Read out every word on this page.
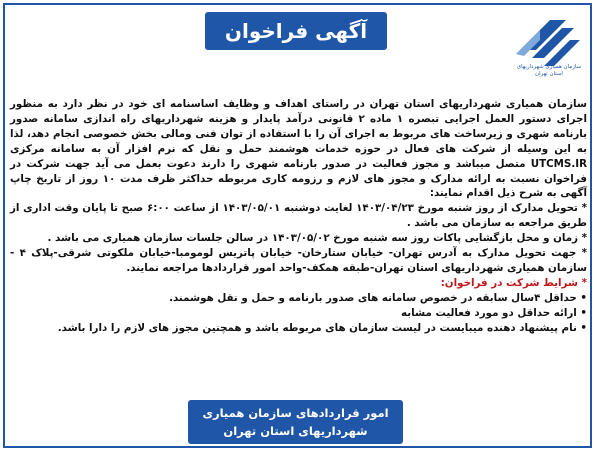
آگهی فراخوان عمومی	سازمان همیاری شهرداریهای استان تهران

سازمان همیاری شهرداریهای استان تهران در راستای اهداف و وظایف اساسنامه ای خود در نظر دارد به منظور اجرای دستور العمل اجرایی تبصره ۱ ماده ۲ قانونی درآمد پایدار و هزینه شهرداریهای راه اندازی سامانه صدور بارنامه شهری و زیرساخت های مربوط به اجرای آن را با استفاده از توان فنی ومالی بخش خصوصی انجام دهد، لذا به این وسیله از شرکت های فعال در حوزه خدمات هوشمند حمل و نقل که نرم افزار آن به سامانه مرکزی UTCMS.IR متصل میباشد و مجوز فعالیت در صدور بارنامه شهری را دارند دعوت بعمل می آید جهت شرکت در فراخوان نسبت به ارائه مدارک و مجوز های لازم و رزومه کاری مربوطه حداکثر ظرف مدت ۱۰ روز از تاریخ چاپ آگهی به شرح ذیل اقدام نمایند:

* تحویل مدارک از روز شنبه مورخ ۱۴۰۳/۰۴/۲۳ لغایت دوشنبه ۱۴۰۳/۰۵/۰۱ از ساعت ۶:۰۰ صبح تا پایان وقت اداری از طریق مراجعه به سازمان می باشد .

* زمان و محل بازگشایی پاکات روز سه شنبه مورخ ۱۴۰۳/۰۵/۰۲ در سالن جلسات سازمان همیاری می باشد .

* جهت تحویل مدارک به آدرس تهران- خیابان ستارخان- خیابان پاتریس لومومبا-خیابان ملکوتی شرقی-پلاک ۴ - سازمان همیاری شهرداریهای استان تهران-طبقه همکف-واحد امور قراردادها مراجعه نمایند.

* شرایط شرکت در فراخوان:

• حداقل ۴سال سابقه در خصوص سامانه های صدور بارنامه و حمل و نقل هوشمند.

• ارائه حداقل دو مورد فعالیت مشابه

• نام پیشنهاد دهنده میبایست در لیست سازمان های مربوطه باشد و همچنین مجوز های لازم را دارا باشد.

امور قراردادهای سازمان همیاری
شهرداریهای استان تهران
